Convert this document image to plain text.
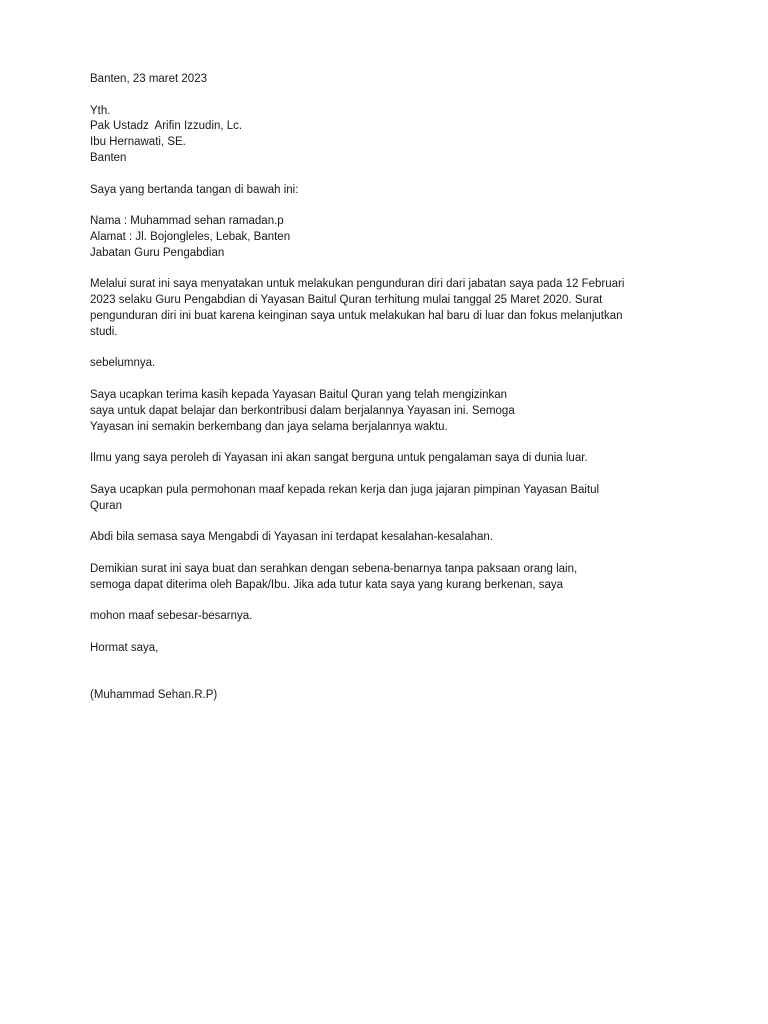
Banten, 23 maret 2023
Yth.
Pak Ustadz  Arifin Izzudin, Lc.
Ibu Hernawati, SE.
Banten
Saya yang bertanda tangan di bawah ini:
Nama : Muhammad sehan ramadan.p
Alamat : Jl. Bojongleles, Lebak, Banten
Jabatan Guru Pengabdian
Melalui surat ini saya menyatakan untuk melakukan pengunduran diri dari jabatan saya pada 12 Februari
2023 selaku Guru Pengabdian di Yayasan Baitul Quran terhitung mulai tanggal 25 Maret 2020. Surat
pengunduran diri ini buat karena keinginan saya untuk melakukan hal baru di luar dan fokus melanjutkan
studi.
sebelumnya.
Saya ucapkan terima kasih kepada Yayasan Baitul Quran yang telah mengizinkan
saya untuk dapat belajar dan berkontribusi dalam berjalannya Yayasan ini. Semoga
Yayasan ini semakin berkembang dan jaya selama berjalannya waktu.
Ilmu yang saya peroleh di Yayasan ini akan sangat berguna untuk pengalaman saya di dunia luar.
Saya ucapkan pula permohonan maaf kepada rekan kerja dan juga jajaran pimpinan Yayasan Baitul
Quran
Abdi bila semasa saya Mengabdi di Yayasan ini terdapat kesalahan-kesalahan.
Demikian surat ini saya buat dan serahkan dengan sebena-benarnya tanpa paksaan orang lain,
semoga dapat diterima oleh Bapak/Ibu. Jika ada tutur kata saya yang kurang berkenan, saya
mohon maaf sebesar-besarnya.
Hormat saya,
(Muhammad Sehan.R.P)
